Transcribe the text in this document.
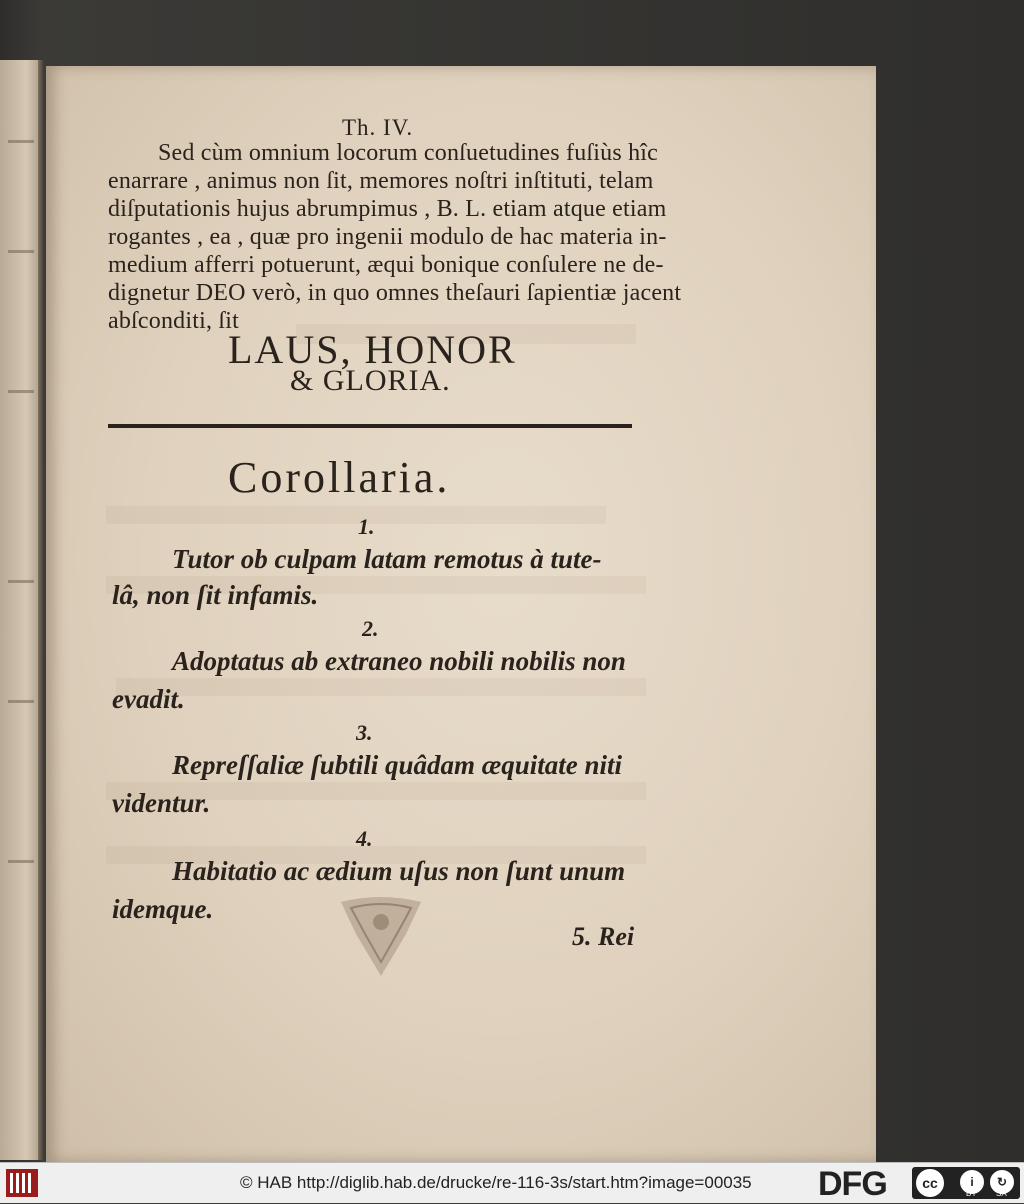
Th. IV.
Sed cùm omnium locorum conſuetudines fuſiùs hîc
enarrare , animus non ſit, memores noſtri inſtituti, telam
diſputationis hujus abrumpimus , B. L. etiam atque etiam
rogantes , ea , quæ pro ingenii modulo de hac materia in-
medium afferri potuerunt, æqui bonique conſulere ne de-
dignetur DEO verò, in quo omnes theſauri ſapientiæ jacent
abſconditi, ſit
LAUS, HONOR
& GLORIA.
Corollaria.
1.
Tutor ob culpam latam remotus à tute-
lâ, non ſit infamis.
2.
Adoptatus ab extraneo nobili nobilis non
evadit.
3.
Repreſſaliæ ſubtili quâdam æquitate niti
videntur.
4.
Habitatio ac ædium uſus non ſunt unum
idemque.
5. Rei
© HAB http://diglib.hab.de/drucke/re-116-3s/start.htm?image=00035 DFG	cc	i	↻
BY SA
